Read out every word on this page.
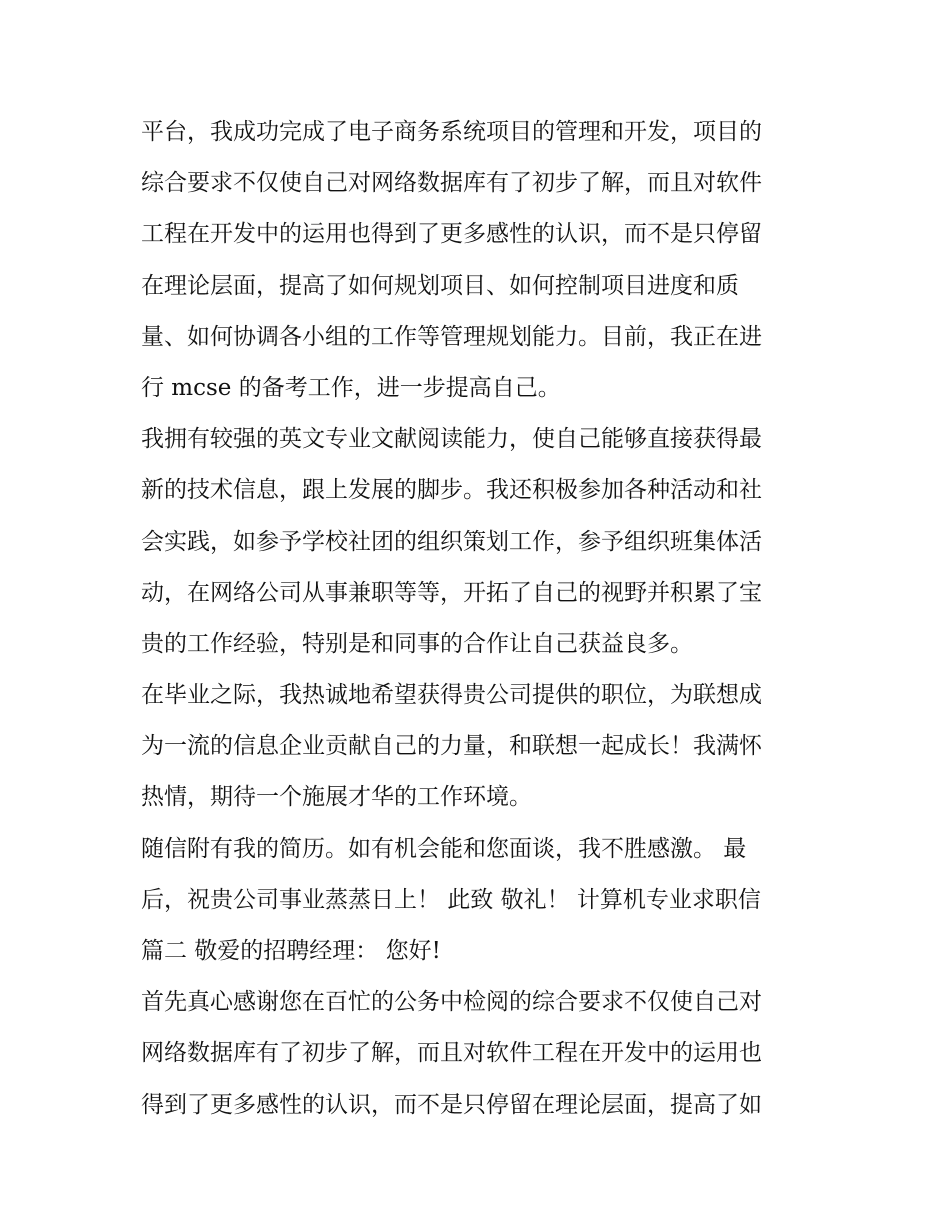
平台，我成功完成了电子商务系统项目的管理和开发，项目的
综合要求不仅使自己对网络数据库有了初步了解，而且对软件
工程在开发中的运用也得到了更多感性的认识，而不是只停留
在理论层面，提高了如何规划项目、如何控制项目进度和质
量、如何协调各小组的工作等管理规划能力。目前，我正在进
行 mcse 的备考工作，进一步提高自己。
我拥有较强的英文专业文献阅读能力，使自己能够直接获得最
新的技术信息，跟上发展的脚步。我还积极参加各种活动和社
会实践，如参予学校社团的组织策划工作，参予组织班集体活
动，在网络公司从事兼职等等，开拓了自己的视野并积累了宝
贵的工作经验，特别是和同事的合作让自己获益良多。
在毕业之际，我热诚地希望获得贵公司提供的职位，为联想成
为一流的信息企业贡献自己的力量，和联想一起成长！我满怀
热情，期待一个施展才华的工作环境。
随信附有我的简历。如有机会能和您面谈，我不胜感激。 最
后，祝贵公司事业蒸蒸日上！ 此致 敬礼！ 计算机专业求职信
篇二 敬爱的招聘经理： 您好!
首先真心感谢您在百忙的公务中检阅的综合要求不仅使自己对
网络数据库有了初步了解，而且对软件工程在开发中的运用也
得到了更多感性的认识，而不是只停留在理论层面，提高了如
